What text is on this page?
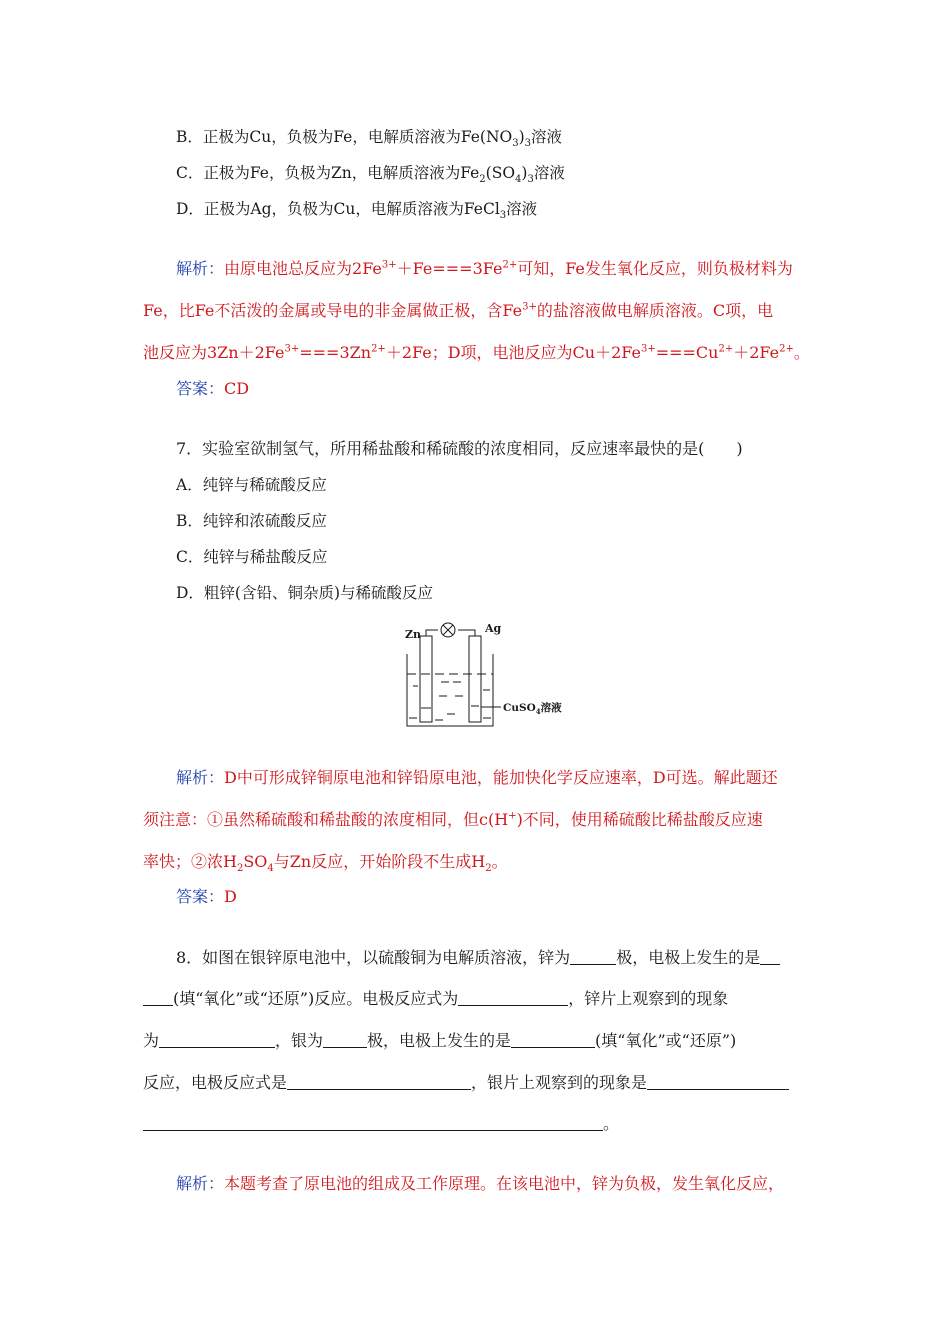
B．正极为Cu，负极为Fe，电解质溶液为$Fe(NO_3)_3$溶液
C．正极为Fe，负极为Zn，电解质溶液为$Fe_2(SO_4)_3$溶液
D．正极为Ag，负极为Cu，电解质溶液为FeCl$_3$溶液
解析：由原电池总反应为$2Fe^{3+}+Fe===3Fe^{2+}$可知，Fe发生氧化反应，则负极材料为
Fe，比Fe不活泼的金属或导电的非金属做正极，含$Fe^{3+}$的盐溶液做电解质溶液。C项，电
池反应为$3Zn+2Fe^{3+}===3Zn^{2+}+2Fe$；D项，电池反应为$Cu+2Fe^{3+}===Cu^{2+}+2Fe^{2+}$。
答案：CD
7．实验室欲制氢气，所用稀盐酸和稀硫酸的浓度相同，反应速率最快的是(　　)
A．纯锌与稀硫酸反应
B．纯锌和浓硫酸反应
C．纯锌与稀盐酸反应
D．粗锌(含铅、铜杂质)与稀硫酸反应
Zn	Ag
CuSO$_4$溶液
解析：D中可形成锌铜原电池和锌铅原电池，能加快化学反应速率，D可选。解此题还
须注意：①虽然稀硫酸和稀盐酸的浓度相同，但c(H+)不同，使用稀硫酸比稀盐酸反应速
率快；②浓$H_2SO_4$与Zn反应，开始阶段不生成$H_2$。
答案：D
8．如图在银锌原电池中，以硫酸铜为电解质溶液，锌为	极，电极上发生的是
(填“氧化”或“还原”)反应。电极反应式为	，锌片上观察到的现象
为	，银为	极，电极上发生的是	(填“氧化”或“还原”)
反应，电极反应式是	，银片上观察到的现象是
。
解析：本题考查了原电池的组成及工作原理。在该电池中，锌为负极，发生氧化反应，
